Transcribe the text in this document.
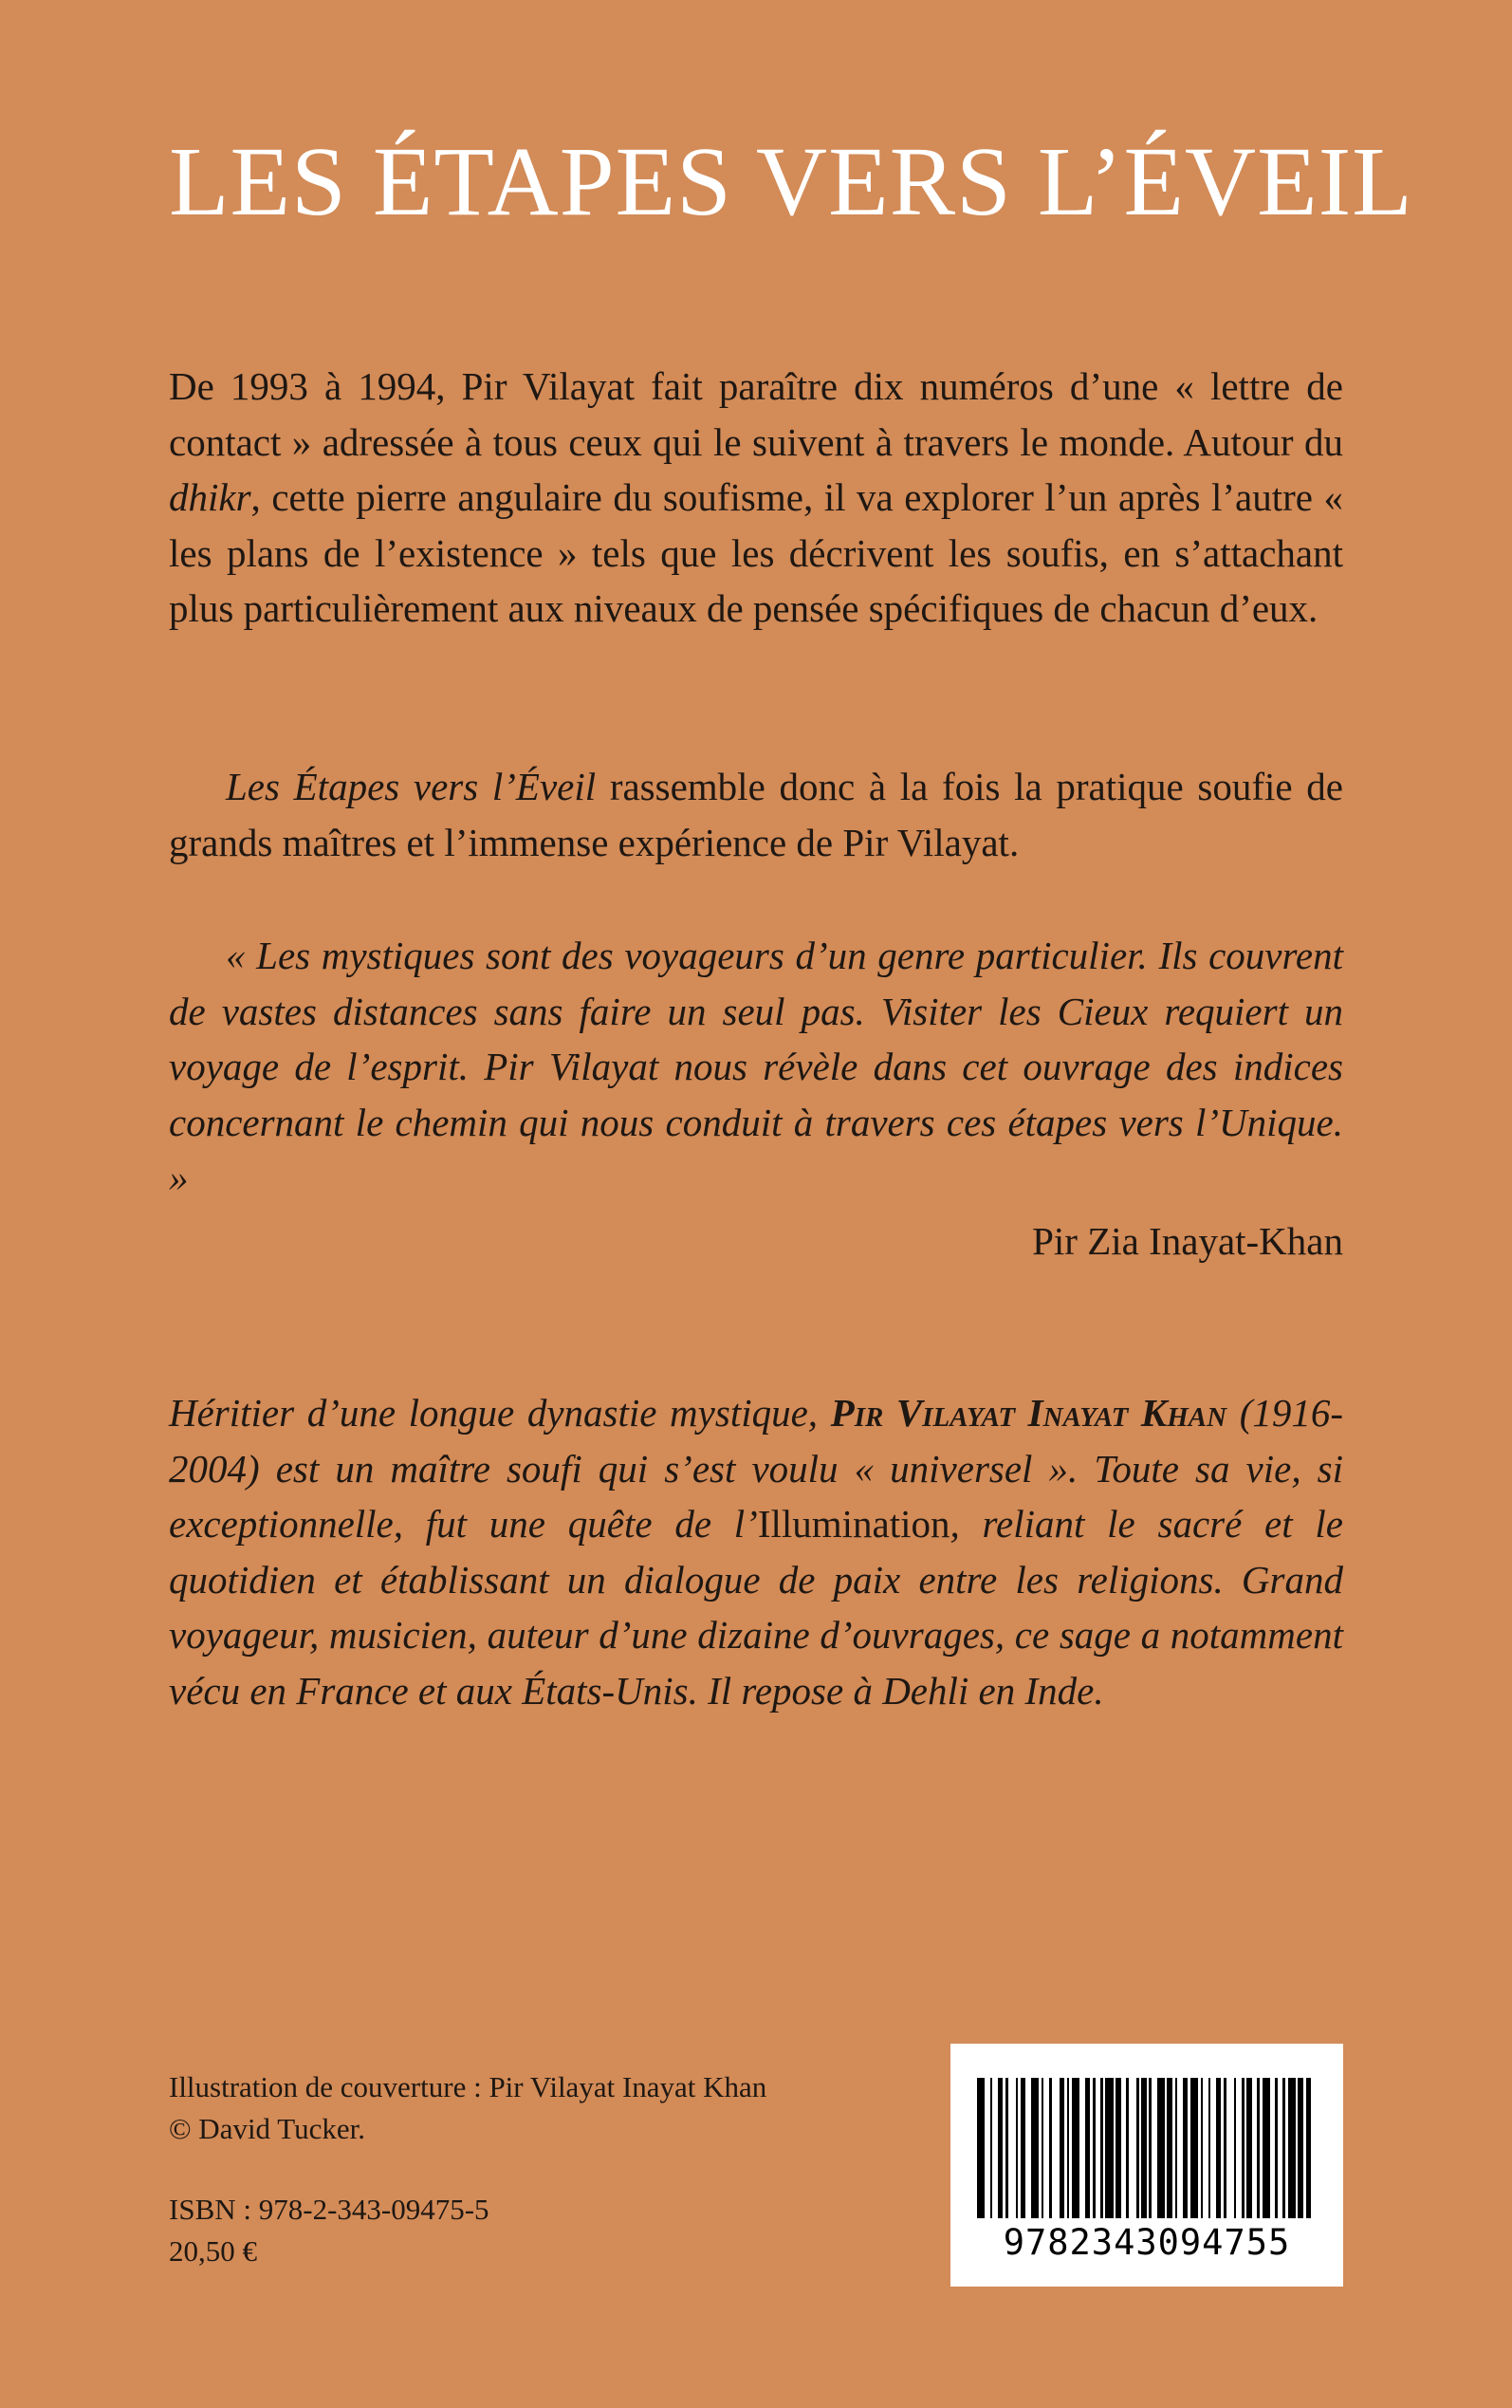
LES ÉTAPES VERS L’ÉVEIL

De 1993 à 1994, Pir Vilayat fait paraître dix numéros d’une « lettre de contact » adressée à tous ceux qui le suivent à travers le monde. Autour du dhikr, cette pierre angulaire du soufisme, il va explorer l’un après l’autre « les plans de l’existence » tels que les décrivent les soufis, en s’attachant plus particulièrement aux niveaux de pensée spécifiques de chacun d’eux.

Les Étapes vers l’Éveil rassemble donc à la fois la pratique soufie de grands maîtres et l’immense expérience de Pir Vilayat.

« Les mystiques sont des voyageurs d’un genre particulier. Ils couvrent de vastes distances sans faire un seul pas. Visiter les Cieux requiert un voyage de l’esprit. Pir Vilayat nous révèle dans cet ouvrage des indices concernant le chemin qui nous conduit à travers ces étapes vers l’Unique. »

Pir Zia Inayat-Khan

Héritier d’une longue dynastie mystique, Pir Vilayat Inayat Khan (1916-2004) est un maître soufi qui s’est voulu « universel ». Toute sa vie, si exceptionnelle, fut une quête de l’Illumination, reliant le sacré et le quotidien et établissant un dialogue de paix entre les religions. Grand voyageur, musicien, auteur d’une dizaine d’ouvrages, ce sage a notamment vécu en France et aux États-Unis. Il repose à Dehli en Inde.

Illustration de couverture : Pir Vilayat Inayat Khan
© David Tucker.
ISBN : 978-2-343-09475-5
20,50 €	9782343094755
